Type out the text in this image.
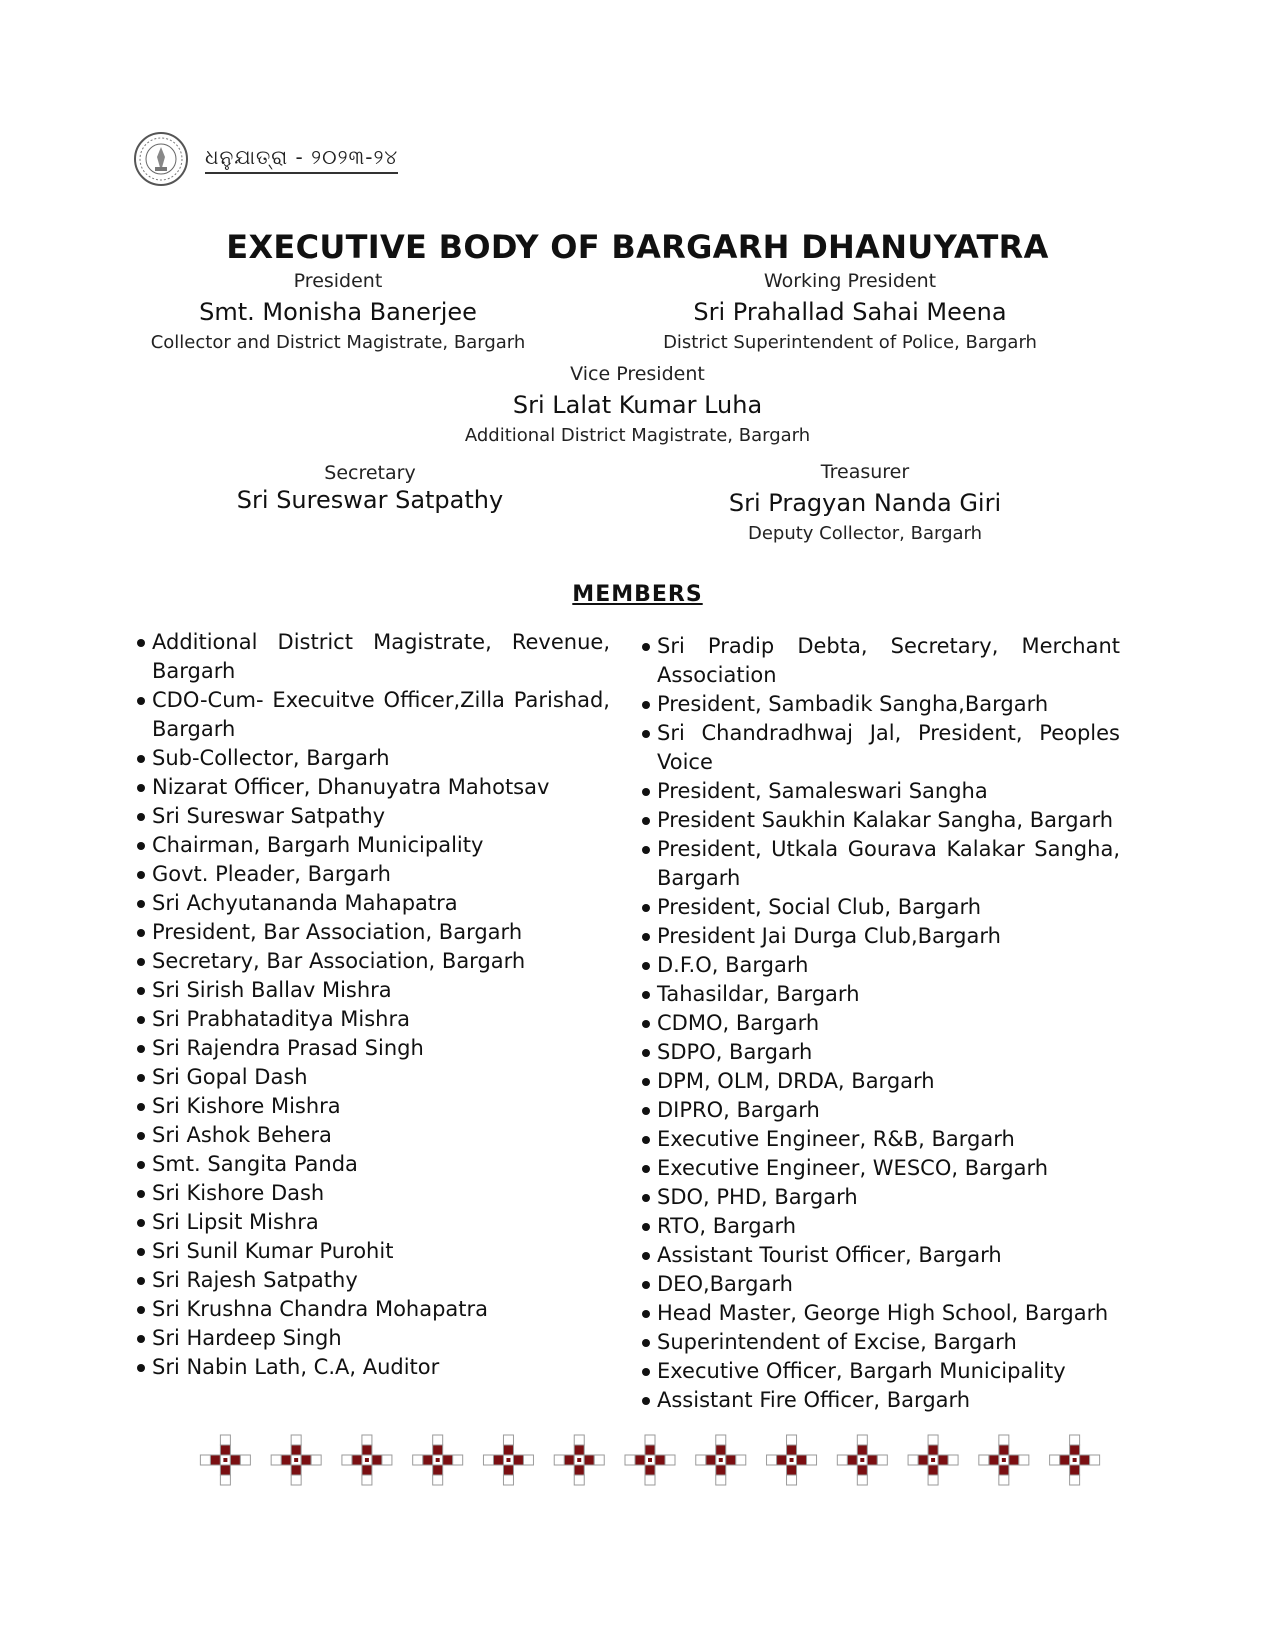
ଧନୁଯାତ୍ରା - ୨୦୨୩-୨୪
EXECUTIVE BODY OF BARGARH DHANUYATRA
President
Smt. Monisha Banerjee
Collector and District Magistrate, Bargarh
Working President
Sri Prahallad Sahai Meena
District Superintendent of Police, Bargarh
Vice President
Sri Lalat Kumar Luha
Additional District Magistrate, Bargarh
Secretary
Sri Sureswar Satpathy
Treasurer
Sri Pragyan Nanda Giri
Deputy Collector, Bargarh
MEMBERS
Additional District Magistrate, Revenue, Bargarh
CDO-Cum- Execuitve Officer,Zilla Parishad, Bargarh
Sub-Collector, Bargarh
Nizarat Officer, Dhanuyatra Mahotsav
Sri Sureswar Satpathy
Chairman, Bargarh Municipality
Govt. Pleader, Bargarh
Sri Achyutananda Mahapatra
President, Bar Association, Bargarh
Secretary, Bar Association, Bargarh
Sri Sirish Ballav Mishra
Sri Prabhataditya Mishra
Sri Rajendra Prasad Singh
Sri Gopal Dash
Sri Kishore Mishra
Sri Ashok Behera
Smt. Sangita Panda
Sri Kishore Dash
Sri Lipsit Mishra
Sri Sunil Kumar Purohit
Sri Rajesh Satpathy
Sri Krushna Chandra Mohapatra
Sri Hardeep Singh
Sri Nabin Lath, C.A, Auditor
Sri Pradip Debta, Secretary, Merchant Association
President, Sambadik Sangha,Bargarh
Sri Chandradhwaj Jal, President, Peoples Voice
President, Samaleswari Sangha
President Saukhin Kalakar Sangha, Bargarh
President, Utkala Gourava Kalakar Sangha, Bargarh
President, Social Club, Bargarh
President Jai Durga Club,Bargarh
D.F.O, Bargarh
Tahasildar, Bargarh
CDMO, Bargarh
SDPO, Bargarh
DPM, OLM, DRDA, Bargarh
DIPRO, Bargarh
Executive Engineer, R&B, Bargarh
Executive Engineer, WESCO, Bargarh
SDO, PHD, Bargarh
RTO, Bargarh
Assistant Tourist Officer, Bargarh
DEO,Bargarh
Head Master, George High School, Bargarh
Superintendent of Excise, Bargarh
Executive Officer, Bargarh Municipality
Assistant Fire Officer, Bargarh
